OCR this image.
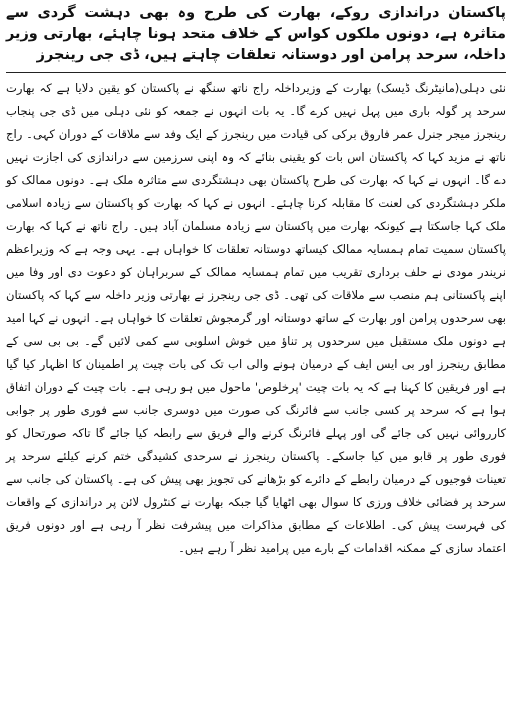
پاکستان دراندازی روکے، بھارت کی طرح وہ بھی دہشت گردی سے متاثرہ ہے، دونوں ملکوں کواس کے خلاف متحد ہونا چاہئے، بھارتی وزیر داخلہ، سرحد پرامن اور دوستانہ تعلقات چاہتے ہیں، ڈی جی رینجرز

نئی دہلی(مانیٹرنگ ڈیسک) بھارت کے وزیرداخلہ راج ناتھ سنگھ نے پاکستان کو یقین دلایا ہے کہ بھارت سرحد پر گولہ باری میں پہل نہیں کرے گا۔ یہ بات انہوں نے جمعہ کو نئی دہلی میں ڈی جی پنجاب رینجرز میجر جنرل عمر فاروق برکی کی قیادت میں رینجرز کے ایک وفد سے ملاقات کے دوران کہی۔ راج ناتھ نے مزید کہا کہ پاکستان اس بات کو یقینی بنائے کہ وہ اپنی سرزمین سے دراندازی کی اجازت نہیں دے گا۔ انہوں نے کہا کہ بھارت کی طرح پاکستان بھی دہشتگردی سے متاثرہ ملک ہے۔ دونوں ممالک کو ملکر دہشتگردی کی لعنت کا مقابلہ کرنا چاہئے۔ انہوں نے کہا کہ بھارت کو پاکستان سے زیادہ اسلامی ملک کہا جاسکتا ہے کیونکہ بھارت میں پاکستان سے زیادہ مسلمان آباد ہیں۔ راج ناتھ نے کہا کہ بھارت پاکستان سمیت تمام ہمسایہ ممالک کیساتھ دوستانہ تعلقات کا خواہاں ہے۔ یہی وجہ ہے کہ وزیراعظم نریندر مودی نے حلف برداری تقریب میں تمام ہمسایہ ممالک کے سربراہان کو دعوت دی اور وفا میں اپنے پاکستانی ہم منصب سے ملاقات کی تھی۔ ڈی جی رینجرز نے بھارتی وزیر داخلہ سے کہا کہ پاکستان بھی سرحدوں پرامن اور بھارت کے ساتھ دوستانہ اور گرمجوش تعلقات کا خواہاں ہے۔ انہوں نے کہا امید ہے دونوں ملک مستقبل میں سرحدوں پر تناؤ میں خوش اسلوبی سے کمی لائیں گے۔ بی بی سی کے مطابق رینجرز اور بی ایس ایف کے درمیان ہونے والی اب تک کی بات چیت پر اطمینان کا اظہار کیا گیا ہے اور فریقین کا کہنا ہے کہ یہ بات چیت 'پرخلوص' ماحول میں ہو رہی ہے۔ بات چیت کے دوران اتفاق ہوا ہے کہ سرحد پر کسی جانب سے فائرنگ کی صورت میں دوسری جانب سے فوری طور پر جوابی کارروائی نہیں کی جائے گی اور پہلے فائرنگ کرنے والے فریق سے رابطہ کیا جائے گا تاکہ صورتحال کو فوری طور پر قابو میں کیا جاسکے۔ پاکستان رینجرز نے سرحدی کشیدگی ختم کرنے کیلئے سرحد پر تعینات فوجیوں کے درمیان رابطے کے دائرے کو بڑھانے کی تجویز بھی پیش کی ہے۔ پاکستان کی جانب سے سرحد پر فضائی خلاف ورزی کا سوال بھی اٹھایا گیا جبکہ بھارت نے کنٹرول لائن پر دراندازی کے واقعات کی فہرست پیش کی۔ اطلاعات کے مطابق مذاکرات میں پیشرفت نظر آ رہی ہے اور دونوں فریق اعتماد سازی کے ممکنہ اقدامات کے بارے میں پرامید نظر آ رہے ہیں۔
